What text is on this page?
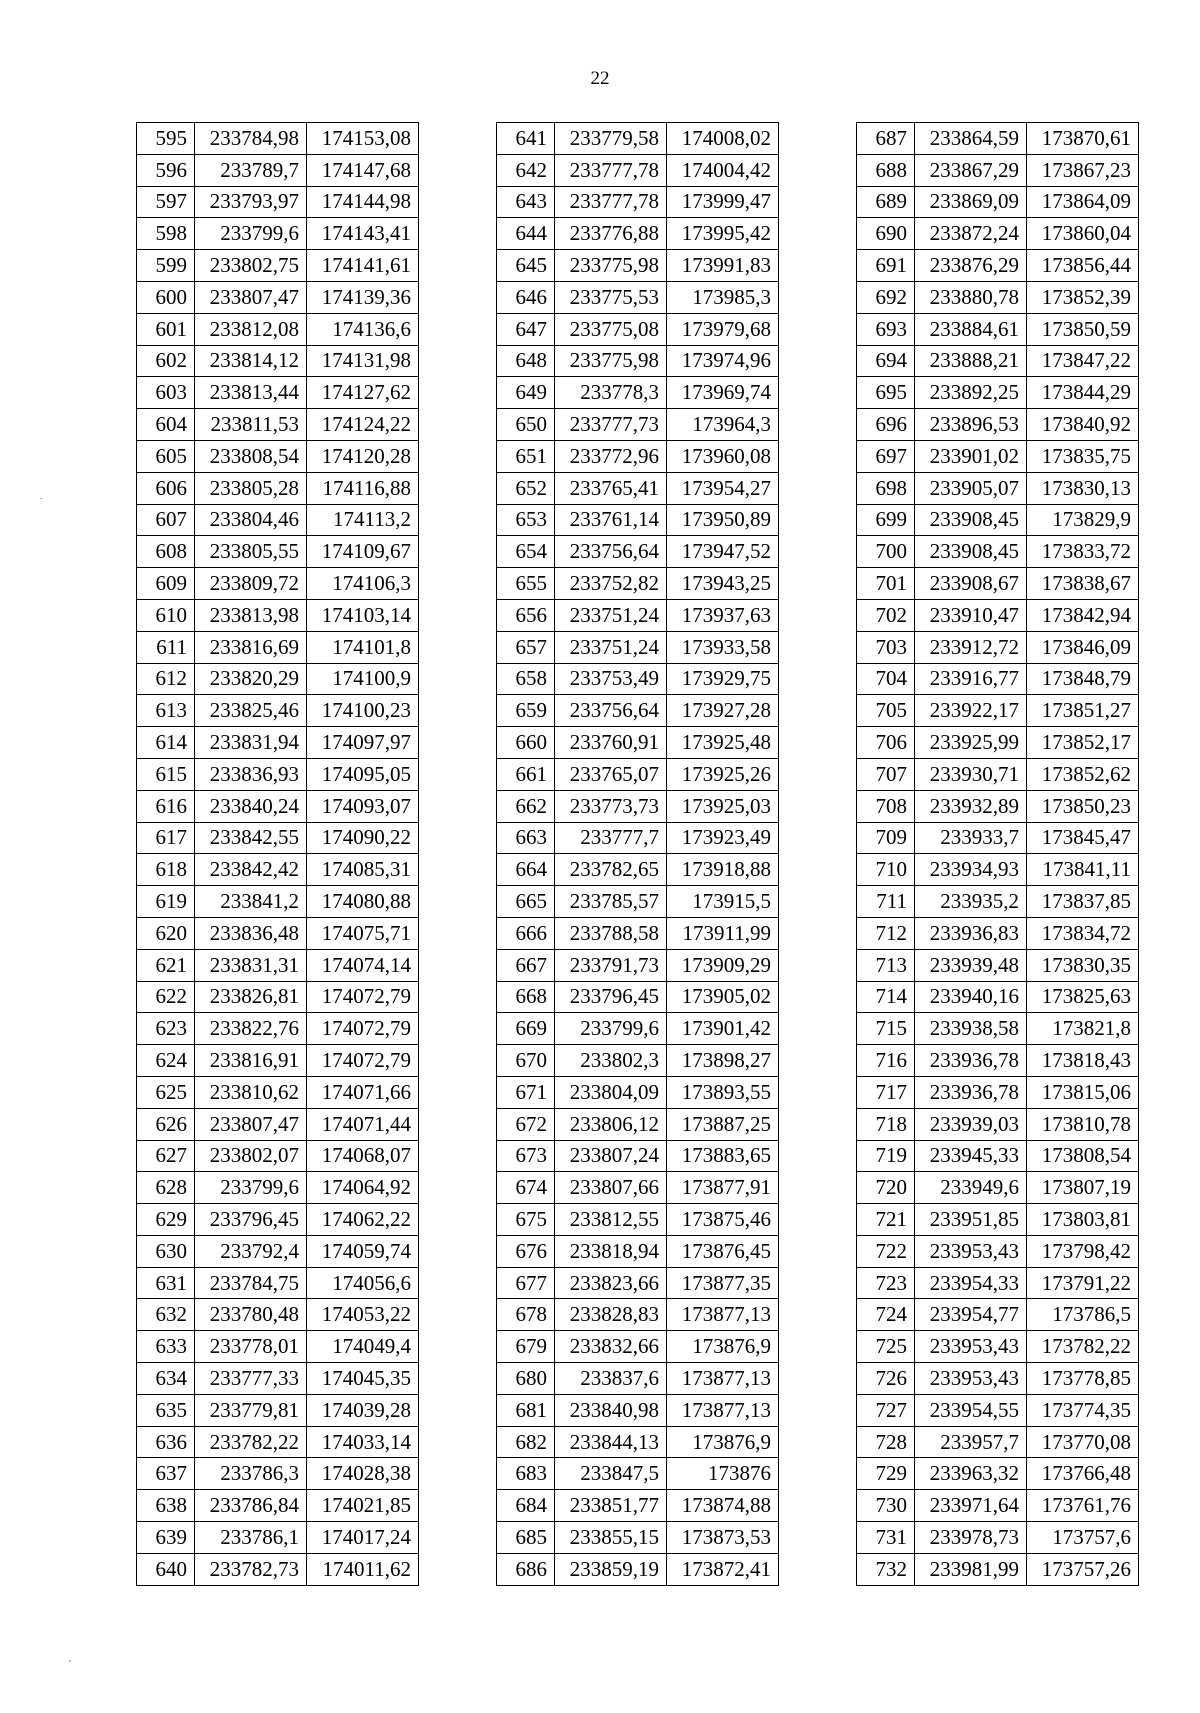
22
595	233784,98	174153,08
596	233789,7	174147,68
597	233793,97	174144,98
598	233799,6	174143,41
599	233802,75	174141,61
600	233807,47	174139,36
601	233812,08	174136,6
602	233814,12	174131,98
603	233813,44	174127,62
604	233811,53	174124,22
605	233808,54	174120,28
606	233805,28	174116,88
607	233804,46	174113,2
608	233805,55	174109,67
609	233809,72	174106,3
610	233813,98	174103,14
611	233816,69	174101,8
612	233820,29	174100,9
613	233825,46	174100,23
614	233831,94	174097,97
615	233836,93	174095,05
616	233840,24	174093,07
617	233842,55	174090,22
618	233842,42	174085,31
619	233841,2	174080,88
620	233836,48	174075,71
621	233831,31	174074,14
622	233826,81	174072,79
623	233822,76	174072,79
624	233816,91	174072,79
625	233810,62	174071,66
626	233807,47	174071,44
627	233802,07	174068,07
628	233799,6	174064,92
629	233796,45	174062,22
630	233792,4	174059,74
631	233784,75	174056,6
632	233780,48	174053,22
633	233778,01	174049,4
634	233777,33	174045,35
635	233779,81	174039,28
636	233782,22	174033,14
637	233786,3	174028,38
638	233786,84	174021,85
639	233786,1	174017,24
640	233782,73	174011,62
641	233779,58	174008,02
642	233777,78	174004,42
643	233777,78	173999,47
644	233776,88	173995,42
645	233775,98	173991,83
646	233775,53	173985,3
647	233775,08	173979,68
648	233775,98	173974,96
649	233778,3	173969,74
650	233777,73	173964,3
651	233772,96	173960,08
652	233765,41	173954,27
653	233761,14	173950,89
654	233756,64	173947,52
655	233752,82	173943,25
656	233751,24	173937,63
657	233751,24	173933,58
658	233753,49	173929,75
659	233756,64	173927,28
660	233760,91	173925,48
661	233765,07	173925,26
662	233773,73	173925,03
663	233777,7	173923,49
664	233782,65	173918,88
665	233785,57	173915,5
666	233788,58	173911,99
667	233791,73	173909,29
668	233796,45	173905,02
669	233799,6	173901,42
670	233802,3	173898,27
671	233804,09	173893,55
672	233806,12	173887,25
673	233807,24	173883,65
674	233807,66	173877,91
675	233812,55	173875,46
676	233818,94	173876,45
677	233823,66	173877,35
678	233828,83	173877,13
679	233832,66	173876,9
680	233837,6	173877,13
681	233840,98	173877,13
682	233844,13	173876,9
683	233847,5	173876
684	233851,77	173874,88
685	233855,15	173873,53
686	233859,19	173872,41
687	233864,59	173870,61
688	233867,29	173867,23
689	233869,09	173864,09
690	233872,24	173860,04
691	233876,29	173856,44
692	233880,78	173852,39
693	233884,61	173850,59
694	233888,21	173847,22
695	233892,25	173844,29
696	233896,53	173840,92
697	233901,02	173835,75
698	233905,07	173830,13
699	233908,45	173829,9
700	233908,45	173833,72
701	233908,67	173838,67
702	233910,47	173842,94
703	233912,72	173846,09
704	233916,77	173848,79
705	233922,17	173851,27
706	233925,99	173852,17
707	233930,71	173852,62
708	233932,89	173850,23
709	233933,7	173845,47
710	233934,93	173841,11
711	233935,2	173837,85
712	233936,83	173834,72
713	233939,48	173830,35
714	233940,16	173825,63
715	233938,58	173821,8
716	233936,78	173818,43
717	233936,78	173815,06
718	233939,03	173810,78
719	233945,33	173808,54
720	233949,6	173807,19
721	233951,85	173803,81
722	233953,43	173798,42
723	233954,33	173791,22
724	233954,77	173786,5
725	233953,43	173782,22
726	233953,43	173778,85
727	233954,55	173774,35
728	233957,7	173770,08
729	233963,32	173766,48
730	233971,64	173761,76
731	233978,73	173757,6
732	233981,99	173757,26
